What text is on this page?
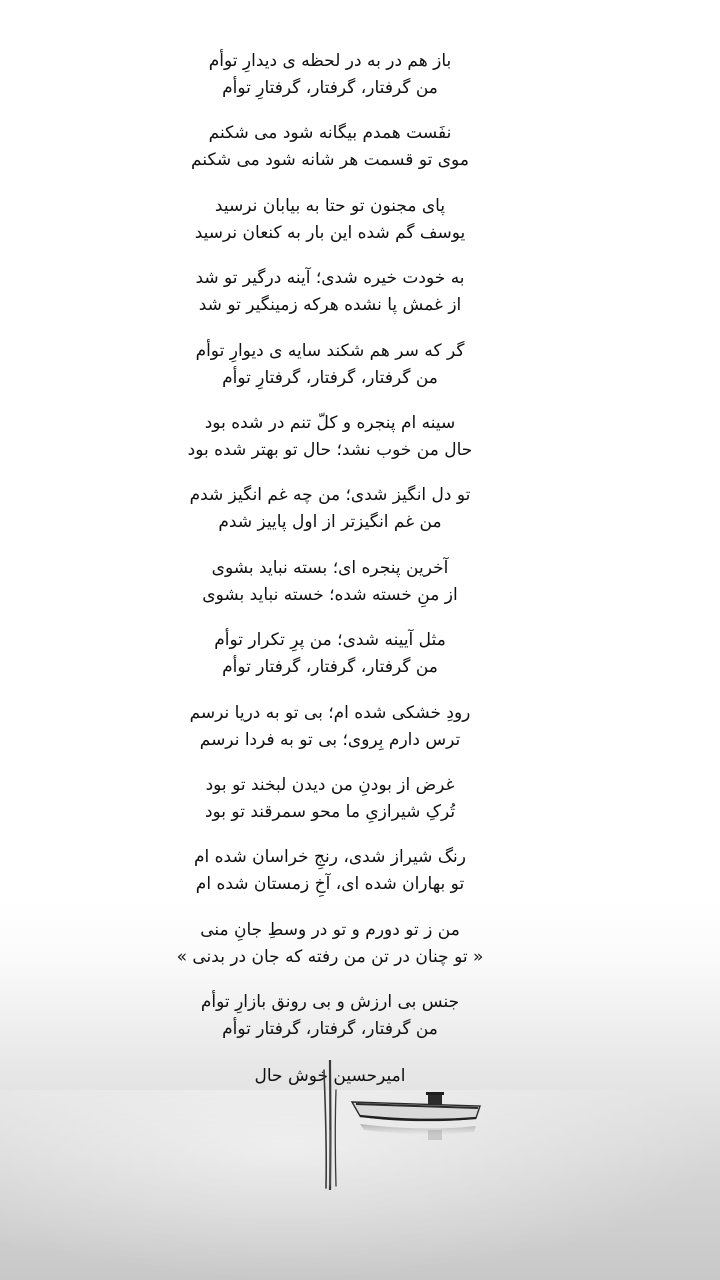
باز هم در به در لحظه ی دیدارِ توأم
من گرفتار، گرفتار، گرفتارِ توأم
نفَست همدم بیگانه شود می شکنم
موی تو قسمت هر شانه شود می شکنم
پای مجنون تو حتا به بیابان نرسید
یوسف گم شده این بار به کنعان نرسید
به خودت خیره شدی؛ آینه درگیر تو شد
از غمش پا نشده هرکه زمینگیر تو شد
گر که سر هم شکند سایه ی دیوارِ توأم
من گرفتار، گرفتار، گرفتارِ توأم
سینه ام پنجره و کلّ تنم در شده بود
حال من خوب نشد؛ حال تو بهتر شده بود
تو دل انگیز شدی؛ من چه غم انگیز شدم
من غم انگیزتر از اول پاییز شدم
آخرین پنجره ای؛ بسته نباید بشوی
از منِ خسته شده؛ خسته نباید بشوی
مثل آیینه شدی؛ من پرِ تکرار توأم
من گرفتار، گرفتار، گرفتار توأم
رودِ خشکی شده ام؛ بی تو به دریا نرسم
ترس دارم بِروی؛ بی تو به فردا نرسم
غرض از بودنِ من دیدن لبخند تو بود
تُرکِ شیرازیِ ما محو سمرقند تو بود
رنگ شیراز شدی، رنجِ خراسان شده ام
تو بهاران شده ای، آخِ زمستان شده ام
من ز تو دورم و تو در وسطِ جانِ منی
« تو چنان در تن من رفته که جان در بدنی »
جنس بی ارزش و بی رونق بازارِ توأم
من گرفتار، گرفتار، گرفتار توأم
امیرحسین خوش حال
